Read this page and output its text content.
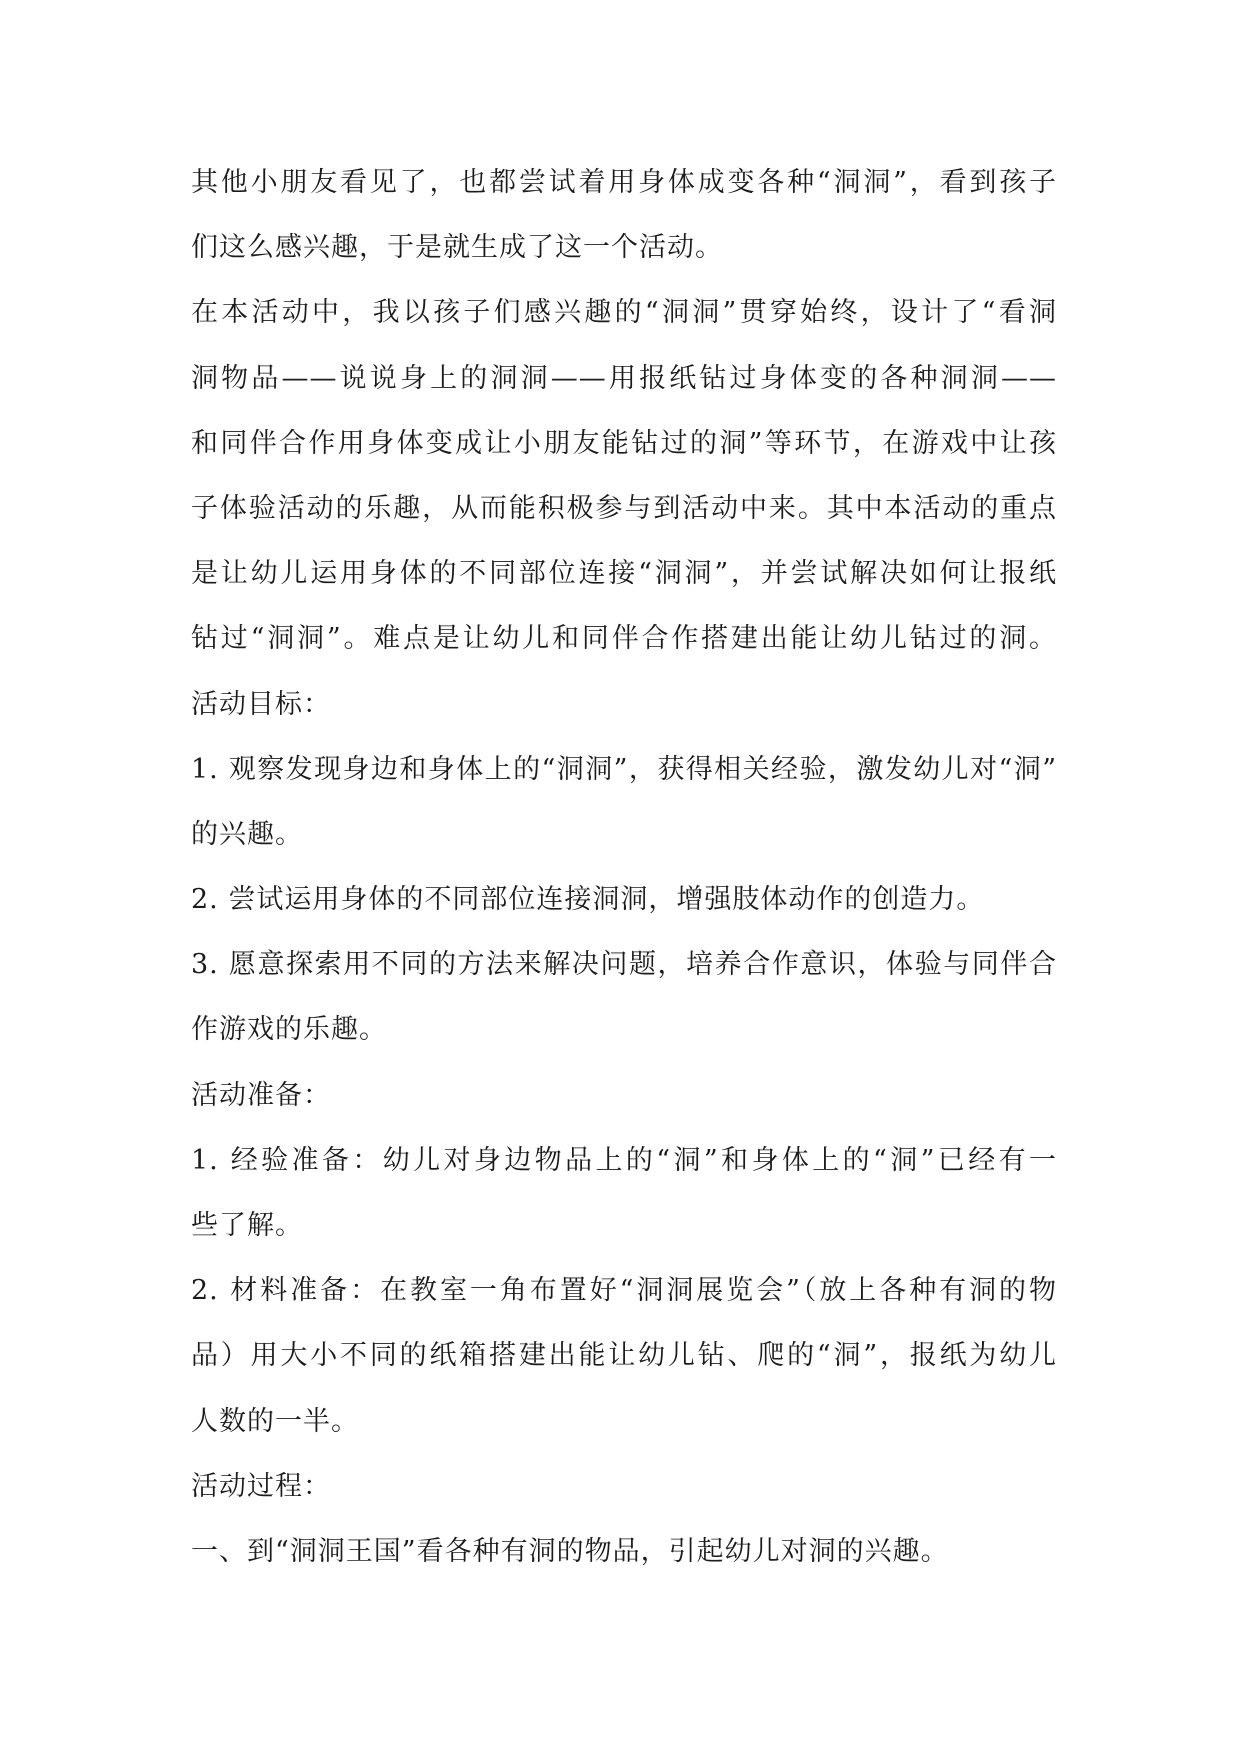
其他小朋友看见了，也都尝试着用身体成变各种“洞洞”，看到孩子
们这么感兴趣，于是就生成了这一个活动。
在本活动中，我以孩子们感兴趣的“洞洞”贯穿始终，设计了“看洞
洞物品——说说身上的洞洞——用报纸钻过身体变的各种洞洞——
和同伴合作用身体变成让小朋友能钻过的洞”等环节，在游戏中让孩
子体验活动的乐趣，从而能积极参与到活动中来。其中本活动的重点
是让幼儿运用身体的不同部位连接“洞洞”，并尝试解决如何让报纸
钻过“洞洞”。难点是让幼儿和同伴合作搭建出能让幼儿钻过的洞。
活动目标：
1. 观察发现身边和身体上的“洞洞”，获得相关经验，激发幼儿对“洞”
的兴趣。
2. 尝试运用身体的不同部位连接洞洞，增强肢体动作的创造力。
3. 愿意探索用不同的方法来解决问题，培养合作意识，体验与同伴合
作游戏的乐趣。
活动准备：
1. 经验准备：幼儿对身边物品上的“洞”和身体上的“洞”已经有一
些了解。
2. 材料准备：在教室一角布置好“洞洞展览会”（放上各种有洞的物
品）用大小不同的纸箱搭建出能让幼儿钻、爬的“洞”，报纸为幼儿
人数的一半。
活动过程：
一、到“洞洞王国”看各种有洞的物品，引起幼儿对洞的兴趣。
